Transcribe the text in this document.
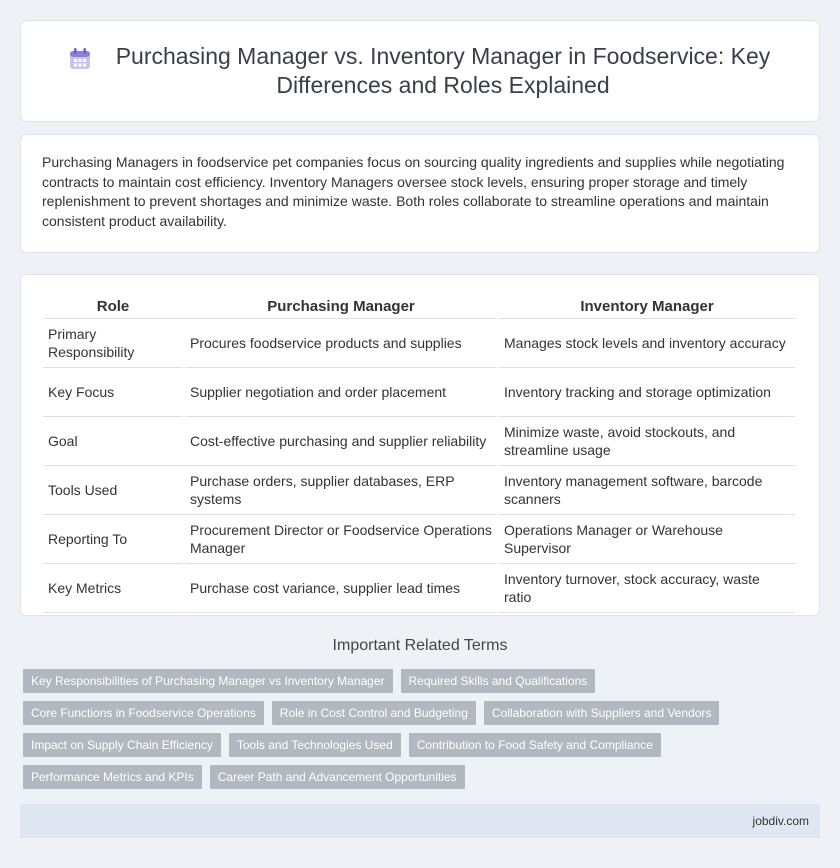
Purchasing Manager vs. Inventory Manager in Foodservice: Key Differences and Roles Explained

Purchasing Managers in foodservice pet companies focus on sourcing quality ingredients and supplies while negotiating contracts to maintain cost efficiency. Inventory Managers oversee stock levels, ensuring proper storage and timely replenishment to prevent shortages and minimize waste. Both roles collaborate to streamline operations and maintain consistent product availability.

Role	Purchasing Manager	Inventory Manager
Primary Responsibility	Procures foodservice products and supplies	Manages stock levels and inventory accuracy
Key Focus	Supplier negotiation and order placement	Inventory tracking and storage optimization
Goal	Cost-effective purchasing and supplier reliability	Minimize waste, avoid stockouts, and streamline usage
Tools Used	Purchase orders, supplier databases, ERP systems	Inventory management software, barcode scanners
Reporting To	Procurement Director or Foodservice Operations Manager	Operations Manager or Warehouse Supervisor
Key Metrics	Purchase cost variance, supplier lead times	Inventory turnover, stock accuracy, waste ratio
Important Related Terms
Key Responsibilities of Purchasing Manager vs Inventory Manager	Required Skills and Qualifications
Core Functions in Foodservice Operations	Role in Cost Control and Budgeting	Collaboration with Suppliers and Vendors
Impact on Supply Chain Efficiency	Tools and Technologies Used	Contribution to Food Safety and Compliance
Performance Metrics and KPIs	Career Path and Advancement Opportunities
jobdiv.com
